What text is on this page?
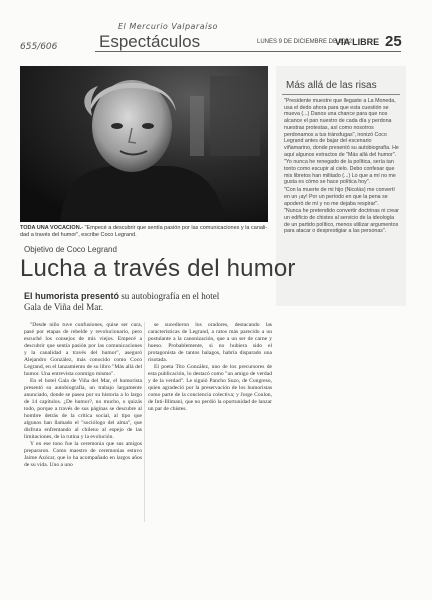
El Mercurio Valparaíso
655/606 Espectáculos	LUNES 9 DE DICIEMBRE DE 2002
VIA LIBRE 25
TODA UNA VOCACION.- "Empecé a descubrir que sentía pasión por las comunicaciones y la canalidad a través del humor", escribe Coco Legrand.
Más allá de las risas

"Presidente muestre que llegaste a La Moneda, usa el dedo ahora para que esta cuestión se mueva (...) Danos una chance para que nos alcance el pan nuestro de cada día y perdona nuestras protestas, así como nosotros perdonamos a tus tránsfugas", ironizó Coco Legrand antes de bajar del escenario viñamarino, donde presentó su autobiografía. He aquí algunos extractos de "Más allá del humor".

"Yo nunca he renegado de la política, sería tan tonto como escupir al cielo. Debo confesar que mis libretos han militado (...) Lo que a mí no me gusta es cómo se hace política hoy".

"Con la muerte de mi hijo (Nicolás) me convertí en un ¡ay! Por un período en que la pena se apoderó de mí y no me dejaba respirar".

"Nunca he pretendido convertir doctrinas ni crear un edificio de chistes al servicio de la ideología de un partido político, menos utilizar argumentos para atacar o desprestigiar a las personas".

Objetivo de Coco Legrand
Lucha a través del humor
El humorista presentó su autobiografía en el hotel Gala de Viña del Mar.

"Desde niño tuve confusiones, quise ser cura, pasé por etapas de rebelde y revolucionario, pero escuché los consejos de mis viejos. Empecé a descubrir que sentía pasión por las comunicaciones y la canalidad a través del humor", aseguró Alejandro González, más conocido como Coco Legrand, en el lanzamiento de su libro "Más allá del humor. Una entrevista conmigo mismo".

En el hotel Gala de Viña del Mar, el humorista presentó su autobiografía, un trabajo largamente anunciado, donde se pasea por su historia a lo largo de 14 capítulos. ¿De humor?, no mucho, o quizás todo, porque a través de sus páginas se descubre al hombre detrás de la crítica social, al tipo que algunos han llamado el "sociólogo del alma", que disfruta enfrentando al chileno al espejo de las limitaciones, de la rutina y la evolución.

Y en ese tono fue la ceremonia que sus amigos prepararon. Como maestro de ceremonias estuvo Jaime Azócar, que lo ha acompañado en largos años de su vida. Uno a uno

se sucedieron los oradores, destacando las características de Legrand, a ratos más parecido a un postulante a la canonización, que a un ser de carne y hueso. Probablemente, si no hubiera sido el protagonista de tantos halagos, habría disparado una risotada.

El poeta Tito González, uno de los precursores de esta publicación, lo destacó como "un amigo de verdad y de la verdad". Le siguió Pancho Suzo, de Congreso, quien agradeció por la preservación de los humoristas como parte de la conciencia colectiva; y Jorge Coulon, de Inti-Illimani, que no perdió la oportunidad de lanzar un par de chistes.
